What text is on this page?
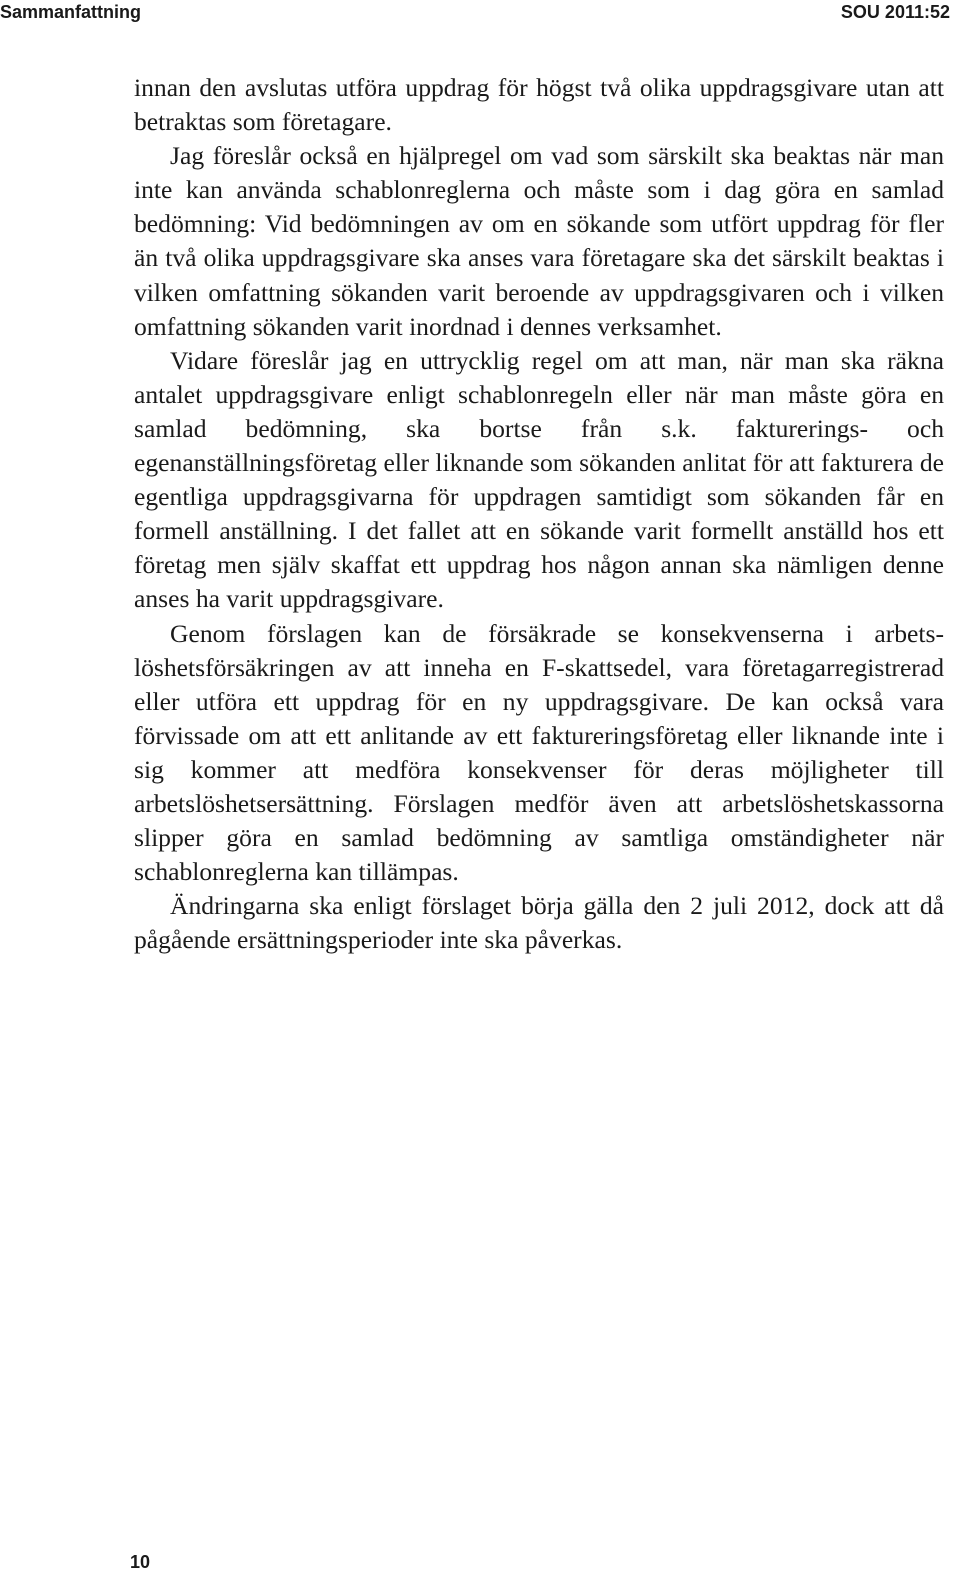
Sammanfattning	SOU 2011:52

innan den avslutas utföra uppdrag för högst två olika uppdragsgivare utan att betraktas som företagare.

Jag föreslår också en hjälpregel om vad som särskilt ska beaktas när man inte kan använda schablonreglerna och måste som i dag göra en samlad bedömning: Vid bedömningen av om en sökande som utfört uppdrag för fler än två olika uppdragsgivare ska anses vara företagare ska det särskilt beaktas i vilken omfattning sökanden varit beroende av uppdragsgivaren och i vilken omfattning sökanden varit inordnad i dennes verksamhet.

Vidare föreslår jag en uttrycklig regel om att man, när man ska räkna antalet uppdragsgivare enligt schablonregeln eller när man måste göra en samlad bedömning, ska bortse från s.k. fakturerings- och egenanställningsföretag eller liknande som sökanden anlitat för att fakturera de egentliga uppdragsgivarna för uppdragen samtidigt som sökanden får en formell anställning. I det fallet att en sökande varit formellt anställd hos ett företag men själv skaffat ett uppdrag hos någon annan ska nämligen denne anses ha varit uppdragsgivare.

Genom förslagen kan de försäkrade se konsekvenserna i arbetslöshetsförsäkringen av att inneha en F-skattsedel, vara företagarregistrerad eller utföra ett uppdrag för en ny uppdragsgivare. De kan också vara förvissade om att ett anlitande av ett faktureringsföretag eller liknande inte i sig kommer att medföra konsekvenser för deras möjligheter till arbetslöshetsersättning. Förslagen medför även att arbetslöshetskassorna slipper göra en samlad bedömning av samtliga omständigheter när schablonreglerna kan tillämpas.

Ändringarna ska enligt förslaget börja gälla den 2 juli 2012, dock att då pågående ersättningsperioder inte ska påverkas.

10
